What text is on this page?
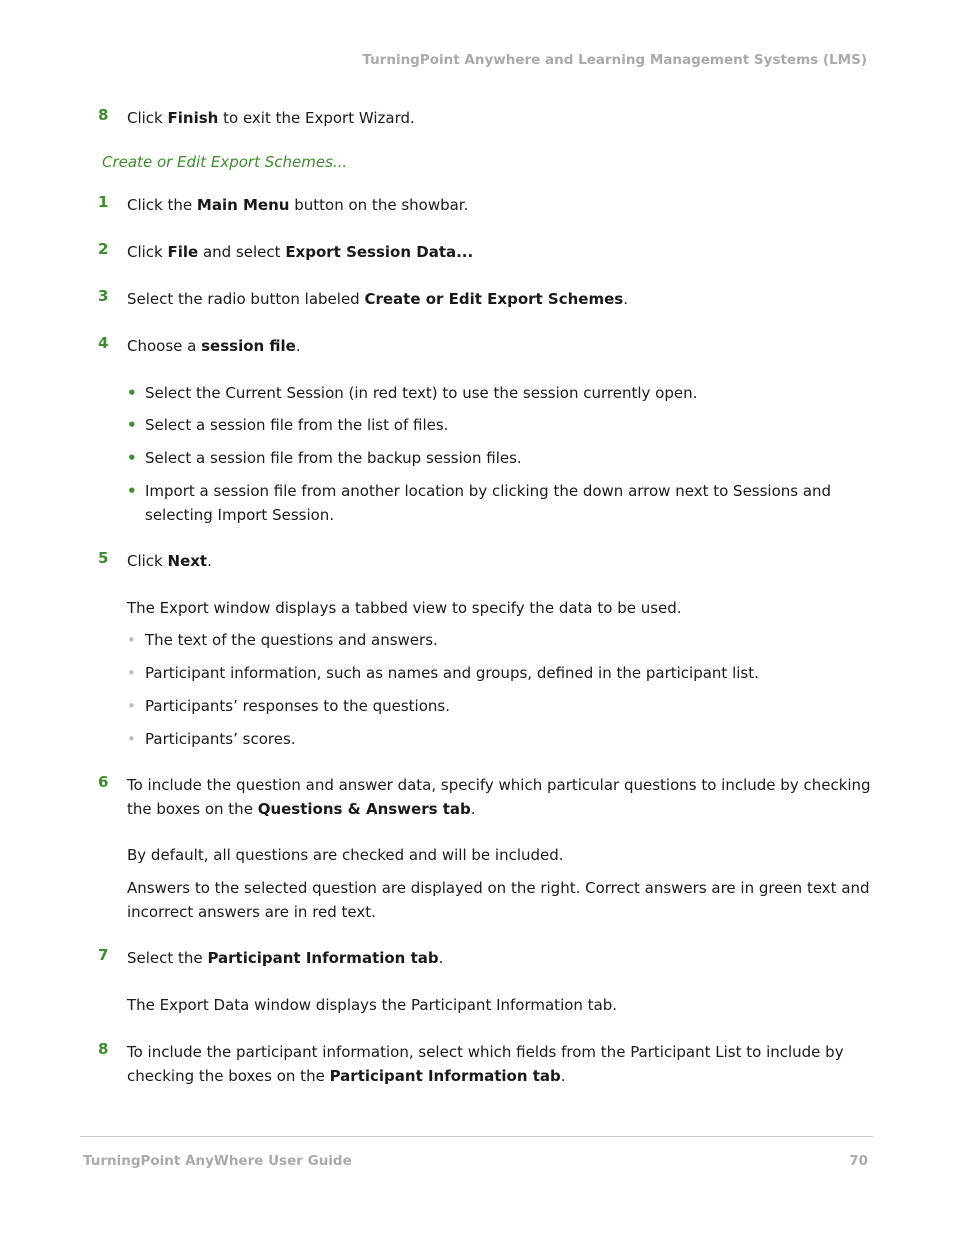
TurningPoint Anywhere and Learning Management Systems (LMS)
8 Click Finish to exit the Export Wizard.
Create or Edit Export Schemes...
1 Click the Main Menu button on the showbar.
2 Click File and select Export Session Data...
3 Select the radio button labeled Create or Edit Export Schemes.
4 Choose a session file.
• Select the Current Session (in red text) to use the session currently open.
• Select a session file from the list of files.
• Select a session file from the backup session files.
• Import a session file from another location by clicking the down arrow next to Sessions and selecting Import Session.
5 Click Next.
The Export window displays a tabbed view to specify the data to be used.
• The text of the questions and answers.
• Participant information, such as names and groups, defined in the participant list.
• Participants’ responses to the questions.
• Participants’ scores.
6 To include the question and answer data, specify which particular questions to include by checking the boxes on the Questions & Answers tab.
By default, all questions are checked and will be included.
Answers to the selected question are displayed on the right. Correct answers are in green text and incorrect answers are in red text.
7 Select the Participant Information tab.
The Export Data window displays the Participant Information tab.
8 To include the participant information, select which fields from the Participant List to include by checking the boxes on the Participant Information tab.
TurningPoint AnyWhere User Guide	70
